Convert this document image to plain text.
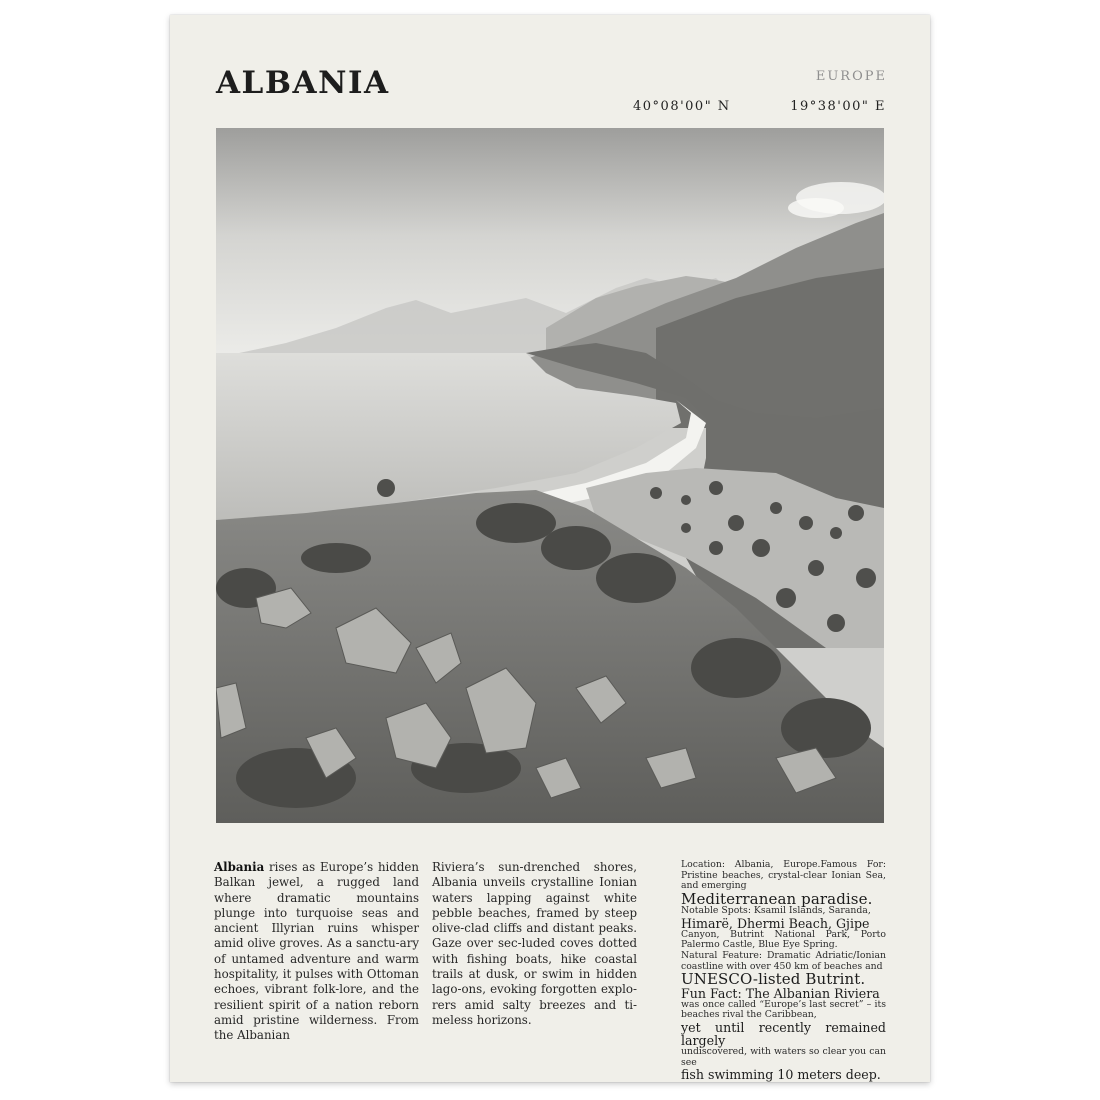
ALBANIA	EUROPE
40°08'00" N	19°38'00" E

Albania rises as Europe’s hidden Balkan jewel, a rugged land where dramatic mountains plunge into turquoise seas and ancient Illyrian ruins whisper amid olive groves. As a sanctu-ary of untamed adventure and warm hospitality, it pulses with Ottoman echoes, vibrant folk-lore, and the resilient spirit of a nation reborn amid pristine wilderness. From the Albanian

Riviera’s sun-drenched shores, Albania unveils crystalline Ionian waters lapping against white pebble beaches, framed by steep olive-clad cliffs and distant peaks. Gaze over sec-luded coves dotted with fishing boats, hike coastal trails at dusk, or swim in hidden lago-ons, evoking forgotten explo-rers amid salty breezes and ti-meless horizons.

Location: Albania, Europe.Famous For: Pristine beaches, crystal-clear Ionian Sea, and emerging

Mediterranean paradise.

Notable Spots: Ksamil Islands, Saranda,

Himarë, Dhermi Beach, Gjipe

Canyon, Butrint National Park, Porto Palermo Castle, Blue Eye Spring.

Natural Feature: Dramatic Adriatic/Ionian coastline with over 450 km of beaches and

UNESCO-listed Butrint.

Fun Fact: The Albanian Riviera

was once called “Europe’s last secret” – its beaches rival the Caribbean,

yet until recently remained largely

undiscovered, with waters so clear you can see

fish swimming 10 meters deep.
